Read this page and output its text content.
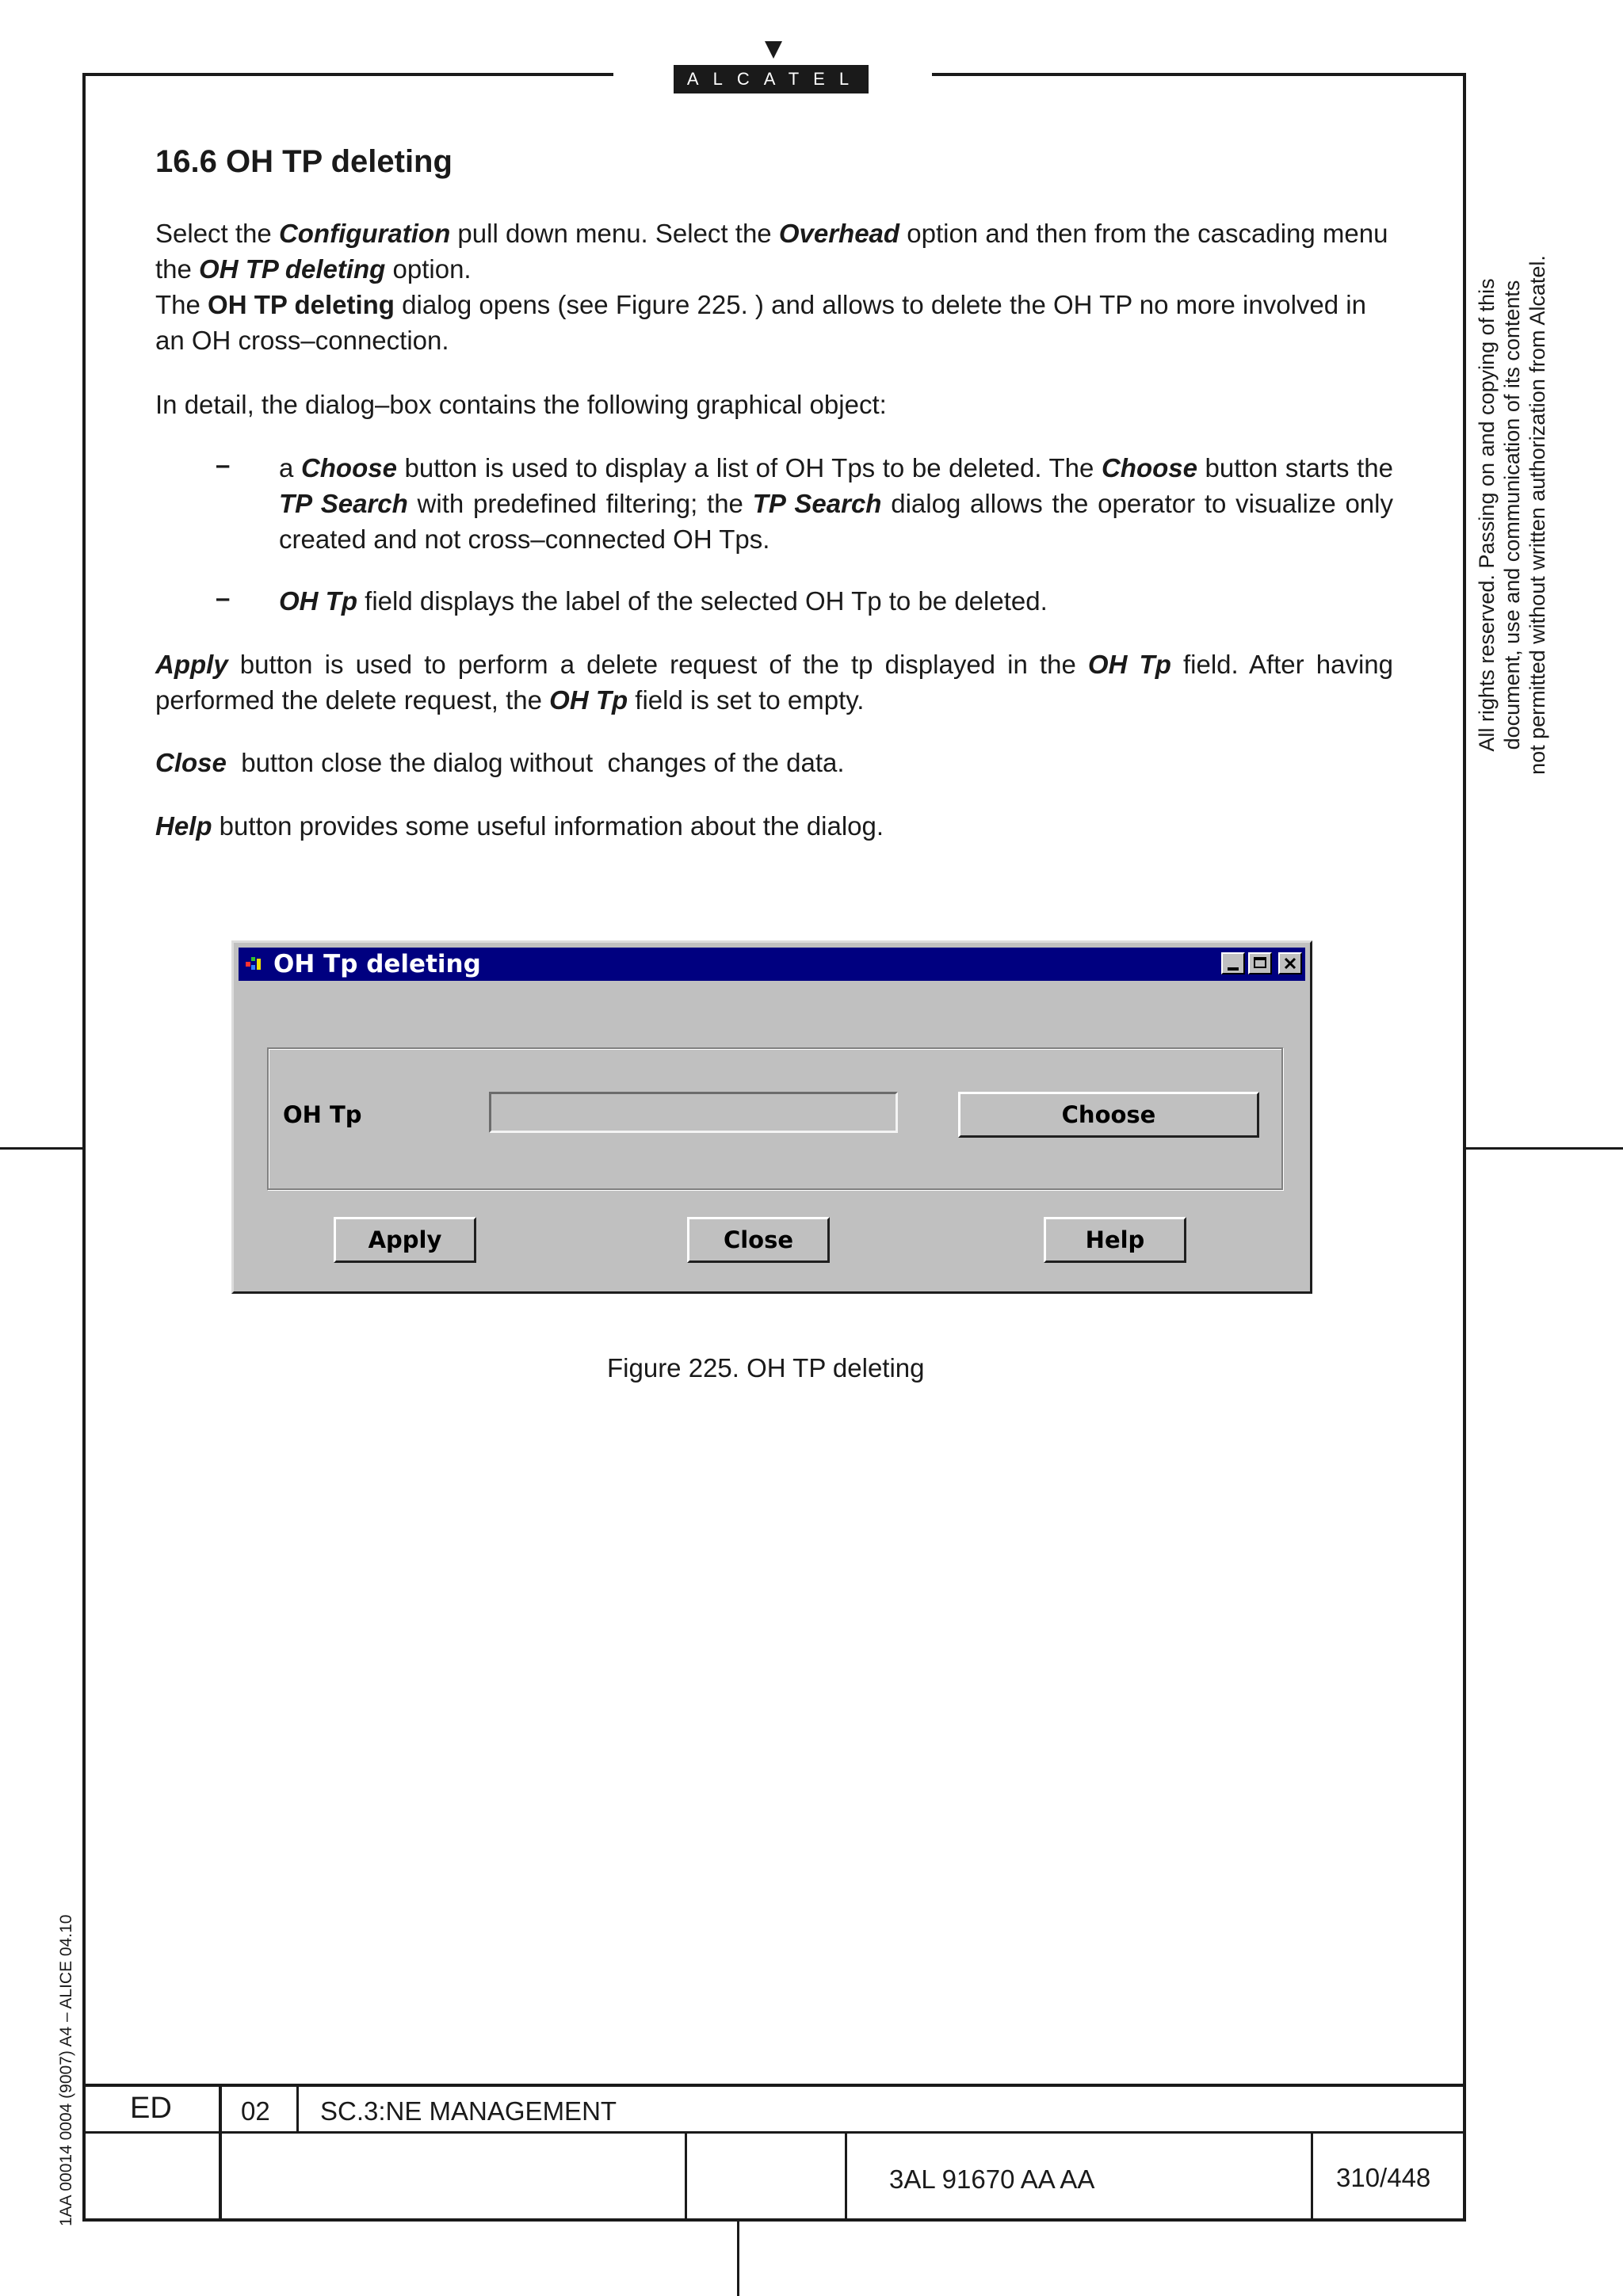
ALCATEL
16.6 OH TP deleting
Select the Configuration pull down menu. Select the Overhead option and then from the cascading menu the OH TP deleting option.
The OH TP deleting dialog opens (see Figure 225. ) and allows to delete the OH TP no more involved in an OH cross–connection.
In detail, the dialog–box contains the following graphical object:
– a Choose button is used to display a list of OH Tps to be deleted. The Choose button starts the TP Search with predefined filtering; the TP Search dialog allows the operator to visualize only created and not cross–connected OH Tps.
– OH Tp field displays the label of the selected OH Tp to be deleted.
Apply button is used to perform a delete request of the tp displayed in the OH Tp field. After having performed the delete request, the OH Tp field is set to empty.
Close  button close the dialog without  changes of the data.
Help button provides some useful information about the dialog.
OH Tp deleting
OH Tp	Choose
Apply	Close	Help
Figure 225. OH TP deleting
All rights reserved. Passing on and copying of this document, use and communication of its contents not permitted without written authorization from Alcatel.
1AA 00014 0004 (9007) A4 – ALICE 04.10 ED	02 SC.3:NE MANAGEMENT
3AL 91670 AA AA	310/448
